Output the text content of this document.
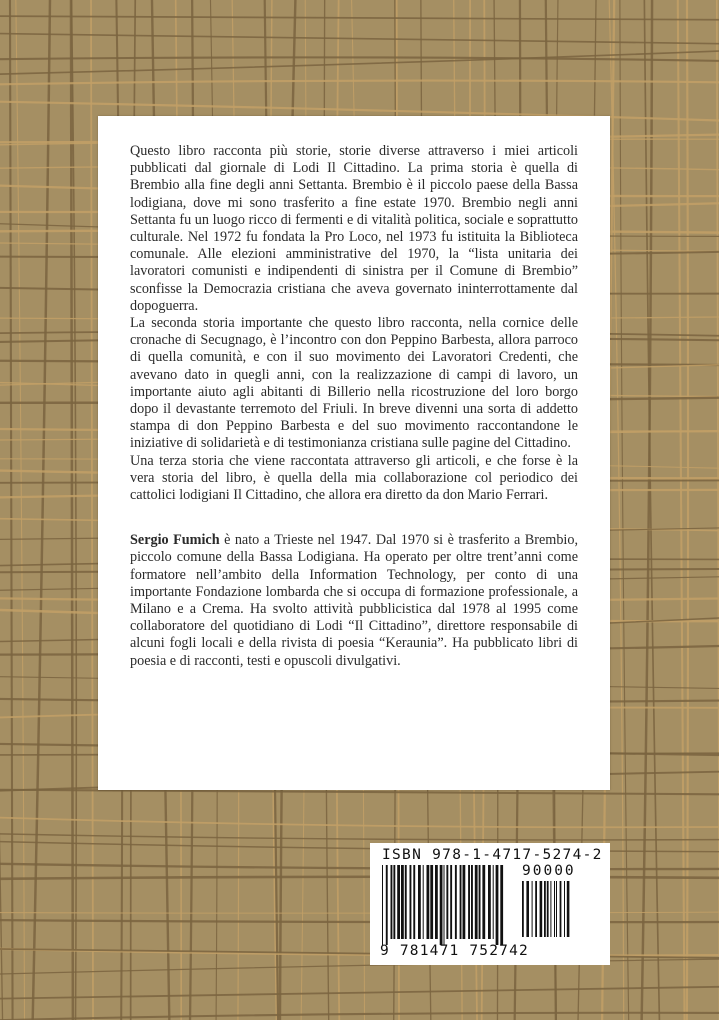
Questo libro racconta più storie, storie diverse attraverso i miei articoli pubblicati dal giornale di Lodi Il Cittadino. La prima storia è quella di Brembio alla fine degli anni Settanta. Brembio è il piccolo paese della Bassa lodigiana, dove mi sono trasferito a fine estate 1970. Brembio negli anni Settanta fu un luogo ricco di fermenti e di vitalità politica, sociale e soprattutto culturale. Nel 1972 fu fondata la Pro Loco, nel 1973 fu istituita la Biblioteca comunale. Alle elezioni amministrative del 1970, la “lista unitaria dei lavoratori comunisti e indipendenti di sinistra per il Comune di Brembio” sconfisse la Democrazia cristiana che aveva governato ininterrottamente dal dopoguerra.

La seconda storia importante che questo libro racconta, nella cornice delle cronache di Secugnago, è l’incontro con don Peppino Barbesta, allora parroco di quella comunità, e con il suo movimento dei Lavoratori Credenti, che avevano dato in quegli anni, con la realizzazione di campi di lavoro, un importante aiuto agli abitanti di Billerio nella ricostruzione del loro borgo dopo il devastante terremoto del Friuli. In breve divenni una sorta di addetto stampa di don Peppino Barbesta e del suo movimento raccontandone le iniziative di solidarietà e di testimonianza cristiana sulle pagine del Cittadino.

Una terza storia che viene raccontata attraverso gli articoli, e che forse è la vera storia del libro, è quella della mia collaborazione col periodico dei cattolici lodigiani Il Cittadino, che allora era diretto da don Mario Ferrari.

Sergio Fumich è nato a Trieste nel 1947. Dal 1970 si è trasferito a Brembio, piccolo comune della Bassa Lodigiana. Ha operato per oltre trent’anni come formatore nell’ambito della Information Technology, per conto di una importante Fondazione lombarda che si occupa di formazione professionale, a Milano e a Crema. Ha svolto attività pubblicistica dal 1978 al 1995 come collaboratore del quotidiano di Lodi “Il Cittadino”, direttore responsabile di alcuni fogli locali e della rivista di poesia “Keraunia”. Ha pubblicato libri di poesia e di racconti, testi e opuscoli divulgativi.

ISBN 978-1-4717-5274-2
90000
9 781471 752742
